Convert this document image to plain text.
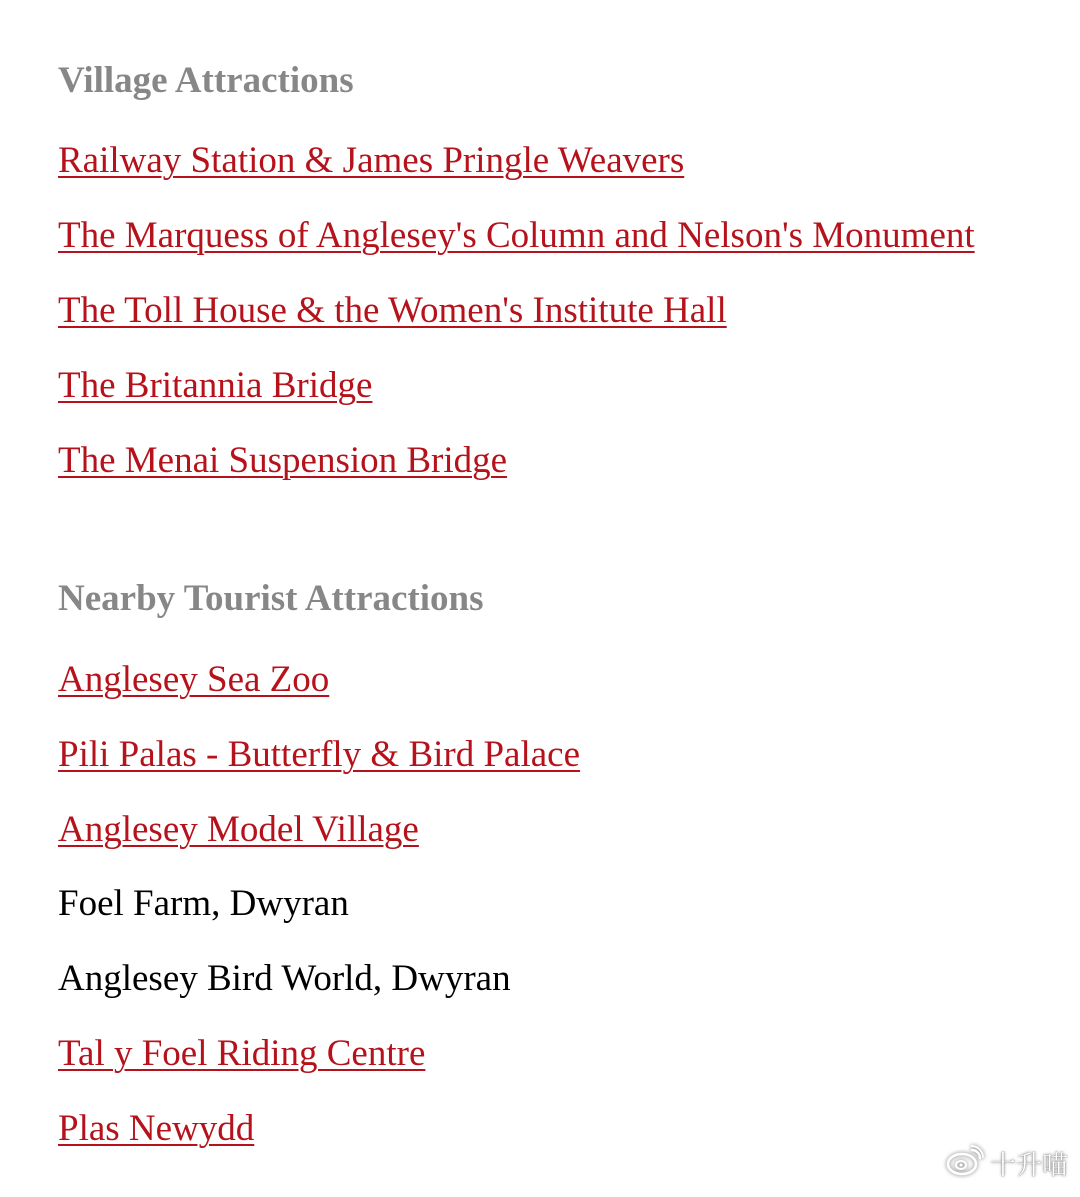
Village Attractions
Railway Station & James Pringle Weavers
The Marquess of Anglesey's Column and Nelson's Monument
The Toll House & the Women's Institute Hall
The Britannia Bridge
The Menai Suspension Bridge
Nearby Tourist Attractions
Anglesey Sea Zoo
Pili Palas - Butterfly & Bird Palace
Anglesey Model Village

Foel Farm, Dwyran

Anglesey Bird World, Dwyran

Tal y Foel Riding Centre
Plas Newydd
十升喵
